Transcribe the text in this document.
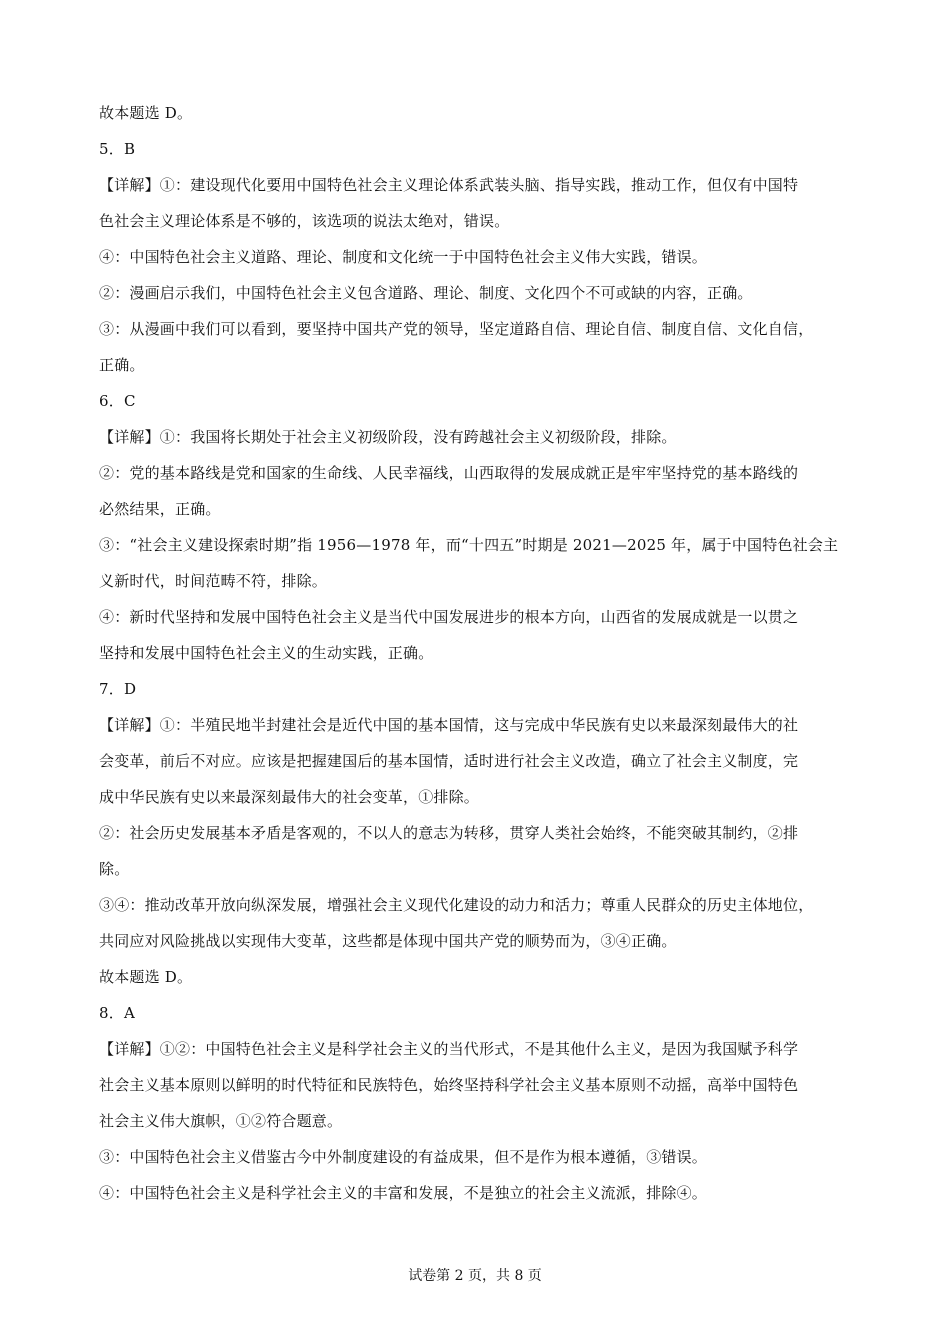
故本题选 D。
5．B
【详解】①：建设现代化要用中国特色社会主义理论体系武装头脑、指导实践，推动工作，但仅有中国特
色社会主义理论体系是不够的，该选项的说法太绝对，错误。
④：中国特色社会主义道路、理论、制度和文化统一于中国特色社会主义伟大实践，错误。
②：漫画启示我们，中国特色社会主义包含道路、理论、制度、文化四个不可或缺的内容，正确。
③：从漫画中我们可以看到，要坚持中国共产党的领导，坚定道路自信、理论自信、制度自信、文化自信，
正确。
6．C
【详解】①：我国将长期处于社会主义初级阶段，没有跨越社会主义初级阶段，排除。
②：党的基本路线是党和国家的生命线、人民幸福线，山西取得的发展成就正是牢牢坚持党的基本路线的
必然结果，正确。
③：“社会主义建设探索时期”指 1956—1978 年，而“十四五”时期是 2021—2025 年，属于中国特色社会主
义新时代，时间范畴不符，排除。
④：新时代坚持和发展中国特色社会主义是当代中国发展进步的根本方向，山西省的发展成就是一以贯之
坚持和发展中国特色社会主义的生动实践，正确。
7．D
【详解】①：半殖民地半封建社会是近代中国的基本国情，这与完成中华民族有史以来最深刻最伟大的社
会变革，前后不对应。应该是把握建国后的基本国情，适时进行社会主义改造，确立了社会主义制度，完
成中华民族有史以来最深刻最伟大的社会变革，①排除。
②：社会历史发展基本矛盾是客观的，不以人的意志为转移，贯穿人类社会始终，不能突破其制约，②排
除。
③④：推动改革开放向纵深发展，增强社会主义现代化建设的动力和活力；尊重人民群众的历史主体地位，
共同应对风险挑战以实现伟大变革，这些都是体现中国共产党的顺势而为，③④正确。
故本题选 D。
8．A
【详解】①②：中国特色社会主义是科学社会主义的当代形式，不是其他什么主义，是因为我国赋予科学
社会主义基本原则以鲜明的时代特征和民族特色，始终坚持科学社会主义基本原则不动摇，高举中国特色
社会主义伟大旗帜，①②符合题意。
③：中国特色社会主义借鉴古今中外制度建设的有益成果，但不是作为根本遵循，③错误。
④：中国特色社会主义是科学社会主义的丰富和发展，不是独立的社会主义流派，排除④。
试卷第 2 页，共 8 页
